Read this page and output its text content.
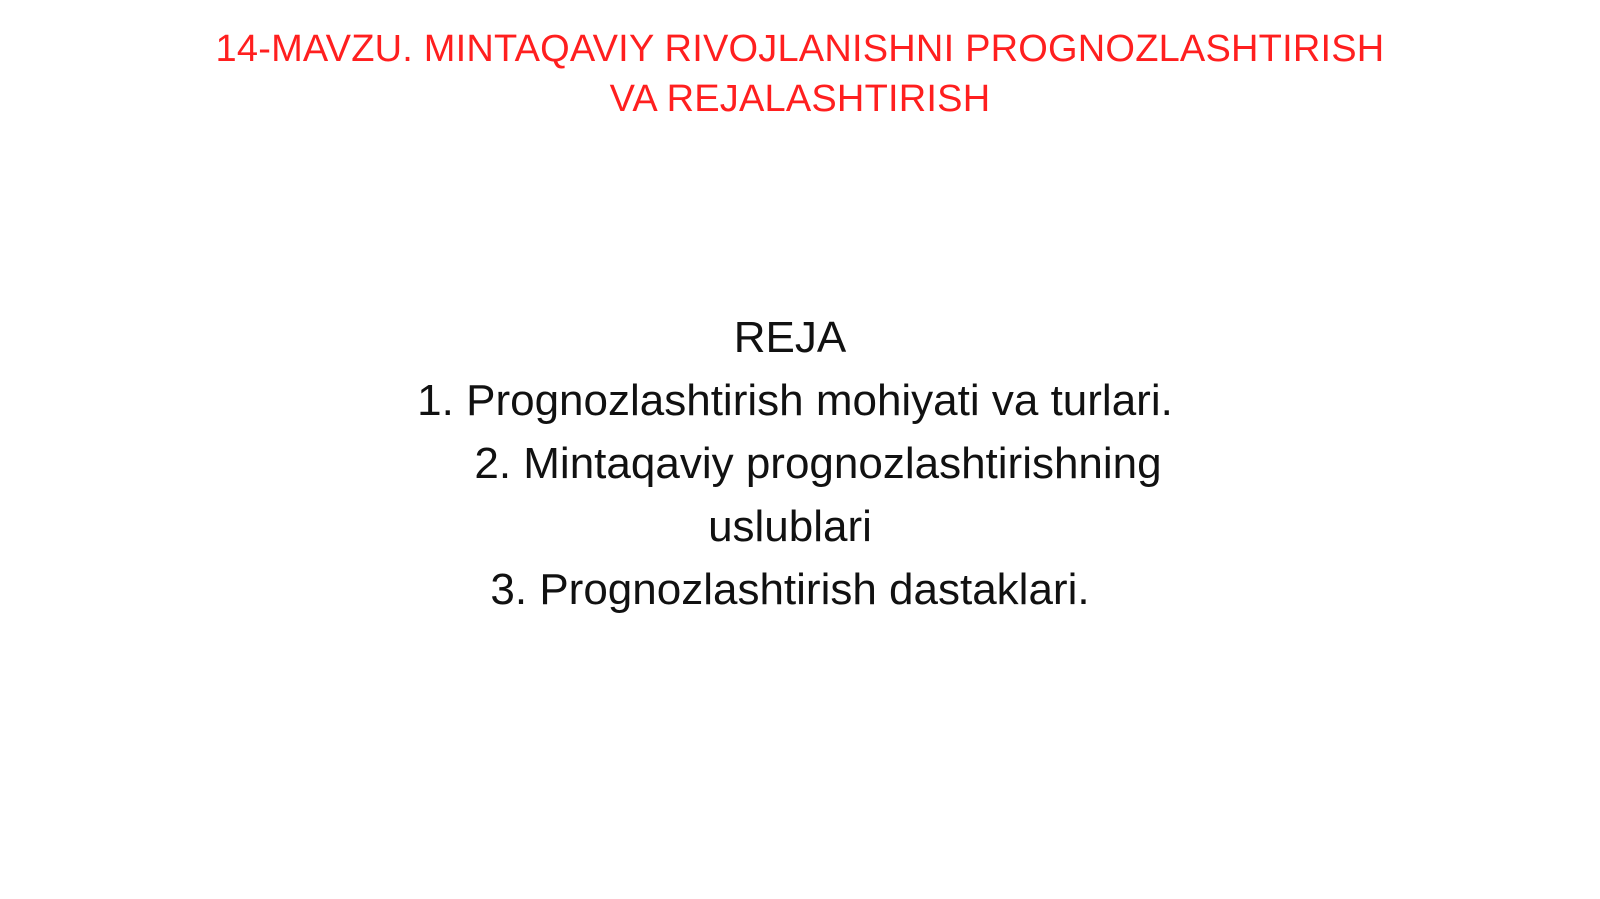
14-MAVZU. MINTAQAVIY RIVOJLANISHNI PROGNOZLASHTIRISH
VA REJALASHTIRISH
REJA
1. Prognozlashtirish mohiyati va turlari.
2. Mintaqaviy prognozlashtirishning
uslublari
3. Prognozlashtirish dastaklari.
